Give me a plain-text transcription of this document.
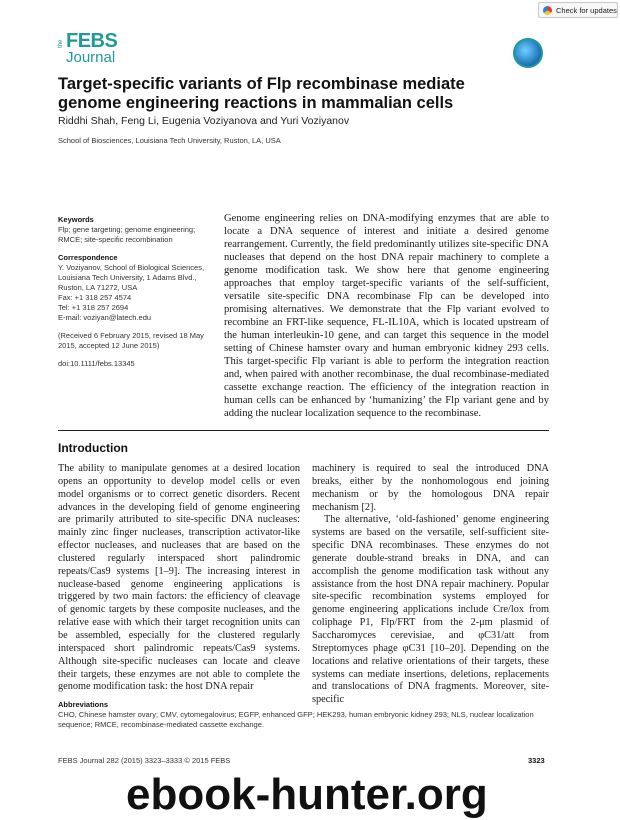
Check for updates
the FEBS
Journal
Target-specific variants of Flp recombinase mediate genome engineering reactions in mammalian cells
Riddhi Shah, Feng Li, Eugenia Voziyanova and Yuri Voziyanov
School of Biosciences, Louisiana Tech University, Ruston, LA, USA

Keywords

Flp; gene targeting; genome engineering; RMCE; site-specific recombination

Correspondence

Y. Voziyanov, School of Biological Sciences,

Louisiana Tech University, 1 Adams Blvd.,

Ruston, LA 71272, USA

Fax: +1 318 257 4574

Tel: +1 318 257 2694

E-mail: voziyan@latech.edu

(Received 6 February 2015, revised 18 May 2015, accepted 12 June 2015)

doi:10.1111/febs.13345

Genome engineering relies on DNA-modifying enzymes that are able to locate a DNA sequence of interest and initiate a desired genome rearrangement. Currently, the field predominantly utilizes site-specific DNA nucleases that depend on the host DNA repair machinery to complete a genome modification task. We show here that genome engineering approaches that employ target-specific variants of the self-sufficient, versatile site-specific DNA recombinase Flp can be developed into promising alternatives. We demonstrate that the Flp variant evolved to recombine an FRT-like sequence, FL-IL10A, which is located upstream of the human interleukin-10 gene, and can target this sequence in the model setting of Chinese hamster ovary and human embryonic kidney 293 cells. This target-specific Flp variant is able to perform the integration reaction and, when paired with another recombinase, the dual recombinase-mediated cassette exchange reaction. The efficiency of the integration reaction in human cells can be enhanced by ‘humanizing’ the Flp variant gene and by adding the nuclear localization sequence to the recombinase.

Introduction

The ability to manipulate genomes at a desired location opens an opportunity to develop model cells or even model organisms or to correct genetic disorders. Recent advances in the developing field of genome engineering are primarily attributed to site-specific DNA nucleases: mainly zinc finger nucleases, transcription activator-like effector nucleases, and nucleases that are based on the clustered regularly interspaced short palindromic repeats/Cas9 systems [1–9]. The increasing interest in nuclease-based genome engineering applications is triggered by two main factors: the efficiency of cleavage of genomic targets by these composite nucleases, and the relative ease with which their target recognition units can be assembled, especially for the clustered regularly interspaced short palindromic repeats/Cas9 systems. Although site-specific nucleases can locate and cleave their targets, these enzymes are not able to complete the genome modification task: the host DNA repair

machinery is required to seal the introduced DNA breaks, either by the nonhomologous end joining mechanism or by the homologous DNA repair mechanism [2].

The alternative, ‘old-fashioned’ genome engineering systems are based on the versatile, self-sufficient site-specific DNA recombinases. These enzymes do not generate double-strand breaks in DNA, and can accomplish the genome modification task without any assistance from the host DNA repair machinery. Popular site-specific recombination systems employed for genome engineering applications include Cre/lox from coliphage P1, Flp/FRT from the 2-μm plasmid of Saccharomyces cerevisiae, and φC31/att from Streptomyces phage φC31 [10–20]. Depending on the locations and relative orientations of their targets, these systems can mediate insertions, deletions, replacements and translocations of DNA fragments. Moreover, site-specific

Abbreviations
CHO, Chinese hamster ovary; CMV, cytomegalovirus; EGFP, enhanced GFP; HEK293, human embryonic kidney 293; NLS, nuclear localization sequence; RMCE, recombinase-mediated cassette exchange.
FEBS Journal 282 (2015) 3323–3333 © 2015 FEBS	3323
ebook-hunter.org
